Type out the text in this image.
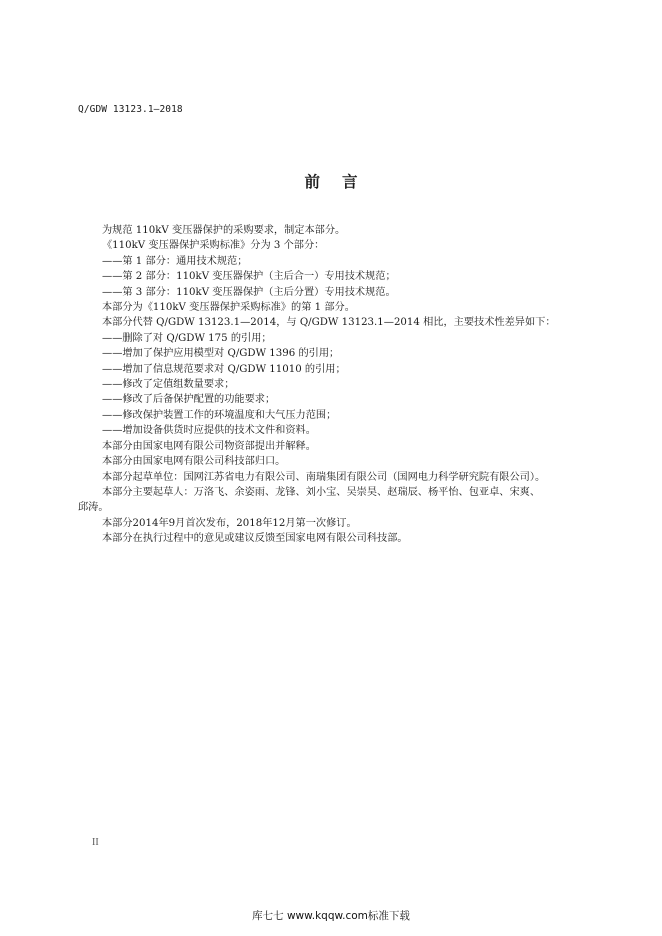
Q/GDW 13123.1—2018
前言
为规范 110kV 变压器保护的采购要求，制定本部分。
《110kV 变压器保护采购标准》分为 3 个部分：
——第 1 部分：通用技术规范；
——第 2 部分：110kV 变压器保护（主后合一）专用技术规范；
——第 3 部分：110kV 变压器保护（主后分置）专用技术规范。
本部分为《110kV 变压器保护采购标准》的第 1 部分。
本部分代替 Q/GDW 13123.1—2014，与 Q/GDW 13123.1—2014 相比，主要技术性差异如下：
——删除了对 Q/GDW 175 的引用；
——增加了保护应用模型对 Q/GDW 1396 的引用；
——增加了信息规范要求对 Q/GDW 11010 的引用；
——修改了定值组数量要求；
——修改了后备保护配置的功能要求；
——修改保护装置工作的环境温度和大气压力范围；
——增加设备供货时应提供的技术文件和资料。
本部分由国家电网有限公司物资部提出并解释。
本部分由国家电网有限公司科技部归口。
本部分起草单位：国网江苏省电力有限公司、南瑞集团有限公司（国网电力科学研究院有限公司）。
本部分主要起草人：万洛飞、余姿雨、龙锋、刘小宝、吴崇昊、赵瑞辰、杨平怡、包亚卓、宋爽、
邱涛。
本部分2014年9月首次发布，2018年12月第一次修订。
本部分在执行过程中的意见或建议反馈至国家电网有限公司科技部。
II
库七七 www.kqqw.com标准下载
